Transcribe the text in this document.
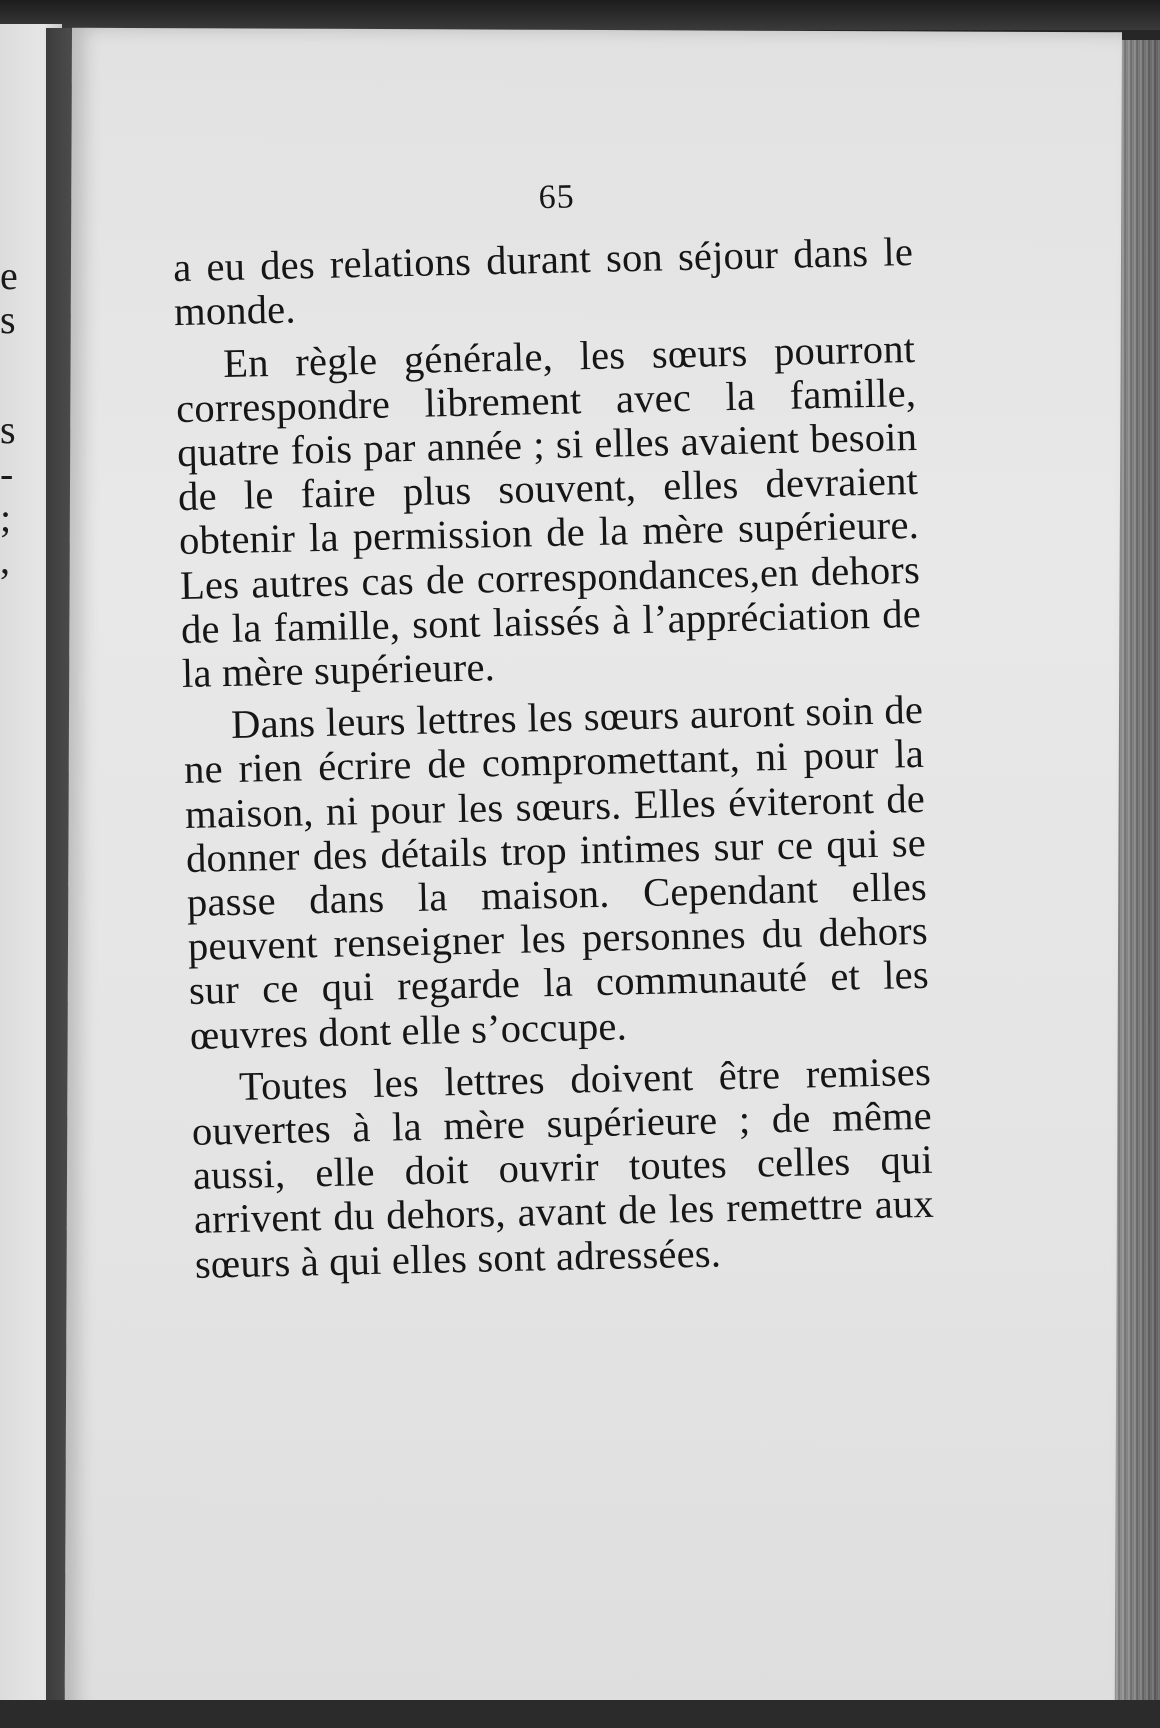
e
s
s
-
;
,
65

a eu des relations durant son séjour dans le monde.

En règle générale, les sœurs pourront correspondre librement avec la famille, quatre fois par année ; si elles avaient besoin de le faire plus souvent, elles devraient obtenir la permission de la mère supérieure. Les autres cas de correspondances,en dehors de la famille, sont laissés à l’appréciation de la mère supérieure.

Dans leurs lettres les sœurs auront soin de ne rien écrire de compromettant, ni pour la maison, ni pour les sœurs. Elles éviteront de donner des détails trop intimes sur ce qui se passe dans la maison. Cependant elles peuvent renseigner les personnes du dehors sur ce qui regarde la communauté et les œuvres dont elle s’occupe.

Toutes les lettres doivent être remises ouvertes à la mère supérieure ; de même aussi, elle doit ouvrir toutes celles qui arrivent du dehors, avant de les remettre aux sœurs à qui elles sont adressées.
